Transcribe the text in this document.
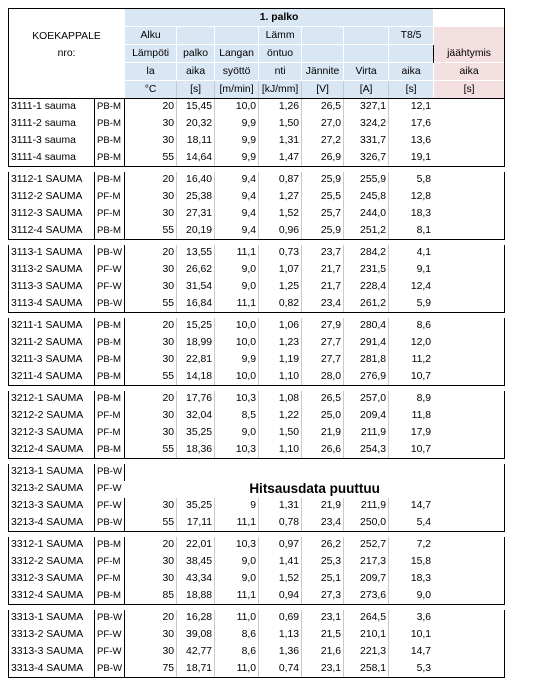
KOEKAPPALE
nro:		1. palko							
		Alku			Lämm			T8/5	jäähtymis
		Lämpöti	palko	Langan	öntuo				
		la	aika	syöttö	nti	Jännite	Virta	aika	aika
		°C	[s]	[m/min]	[kJ/mm]	[V]	[A]	[s]	[s]
3111-1 sauma	PB-M	20	15,45	10,0	1,26	26,5	327,1	12,1	
3111-2 sauma	PB-M	30	20,32	9,9	1,50	27,0	324,2	17,6	
3111-3 sauma	PB-M	30	18,11	9,9	1,31	27,2	331,7	13,6	
3111-4 sauma	PB-M	55	14,64	9,9	1,47	26,9	326,7	19,1	

3112-1 SAUMA	PB-M	20	16,40	9,4	0,87	25,9	255,9	5,8	
3112-2 SAUMA	PF-M	30	25,38	9,4	1,27	25,5	245,8	12,8	
3112-3 SAUMA	PF-M	30	27,31	9,4	1,52	25,7	244,0	18,3	
3112-4 SAUMA	PB-M	55	20,19	9,4	0,96	25,9	251,2	8,1	

3113-1 SAUMA	PB-W	20	13,55	11,1	0,73	23,7	284,2	4,1	
3113-2 SAUMA	PF-W	30	26,62	9,0	1,07	21,7	231,5	9,1	
3113-3 SAUMA	PF-W	30	31,54	9,0	1,25	21,7	228,4	12,4	
3113-4 SAUMA	PB-W	55	16,84	11,1	0,82	23,4	261,2	5,9	

3211-1 SAUMA	PB-M	20	15,25	10,0	1,06	27,9	280,4	8,6	
3211-2 SAUMA	PB-M	30	18,99	10,0	1,23	27,7	291,4	12,0	
3211-3 SAUMA	PB-M	30	22,81	9,9	1,19	27,7	281,8	11,2	
3211-4 SAUMA	PB-M	55	14,18	10,0	1,10	28,0	276,9	10,7	

3212-1 SAUMA	PB-M	20	17,76	10,3	1,08	26,5	257,0	8,9	
3212-2 SAUMA	PF-M	30	32,04	8,5	1,22	25,0	209,4	11,8	
3212-3 SAUMA	PF-M	30	35,25	9,0	1,50	21,9	211,9	17,9	
3212-4 SAUMA	PB-M	55	18,36	10,3	1,10	26,6	254,3	10,7	

3213-1 SAUMA	PB-W	Hitsausdata puuttuu							
3213-2 SAUMA	PF-W								
3213-3 SAUMA	PF-W	30	35,25	9	1,31	21,9	211,9	14,7	
3213-4 SAUMA	PB-W	55	17,11	11,1	0,78	23,4	250,0	5,4	

3312-1 SAUMA	PB-M	20	22,01	10,3	0,97	26,2	252,7	7,2	
3312-2 SAUMA	PF-M	30	38,45	9,0	1,41	25,3	217,3	15,8	
3312-3 SAUMA	PF-M	30	43,34	9,0	1,52	25,1	209,7	18,3	
3312-4 SAUMA	PB-M	85	18,88	11,1	0,94	27,3	273,6	9,0	

3313-1 SAUMA	PB-W	20	16,28	11,0	0,69	23,1	264,5	3,6	
3313-2 SAUMA	PF-W	30	39,08	8,6	1,13	21,5	210,1	10,1	
3313-3 SAUMA	PF-W	30	42,77	8,6	1,36	21,6	221,3	14,7	
3313-4 SAUMA	PB-W	75	18,71	11,0	0,74	23,1	258,1	5,3	
